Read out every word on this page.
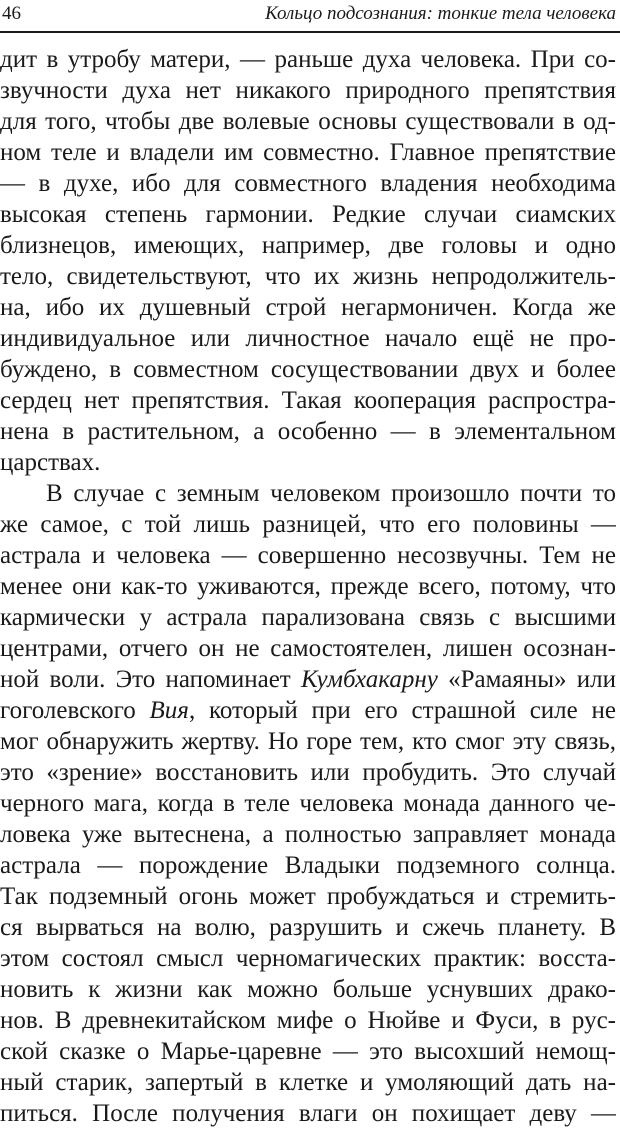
46	Кольцо подсознания: тонкие тела человека
дит в утробу матери, — раньше духа человека. При со-
звучности духа нет никакого природного препятствия
для того, чтобы две волевые основы существовали в од-
ном теле и владели им совместно. Главное препятствие
— в духе, ибо для совместного владения необходима
высокая степень гармонии. Редкие случаи сиамских
близнецов, имеющих, например, две головы и одно
тело, свидетельствуют, что их жизнь непродолжитель-
на, ибо их душевный строй негармоничен. Когда же
индивидуальное или личностное начало ещё не про-
буждено, в совместном сосуществовании двух и более
сердец нет препятствия. Такая кооперация распростра-
нена в растительном, а особенно — в элементальном
царствах.
В случае с земным человеком произошло почти то
же самое, с той лишь разницей, что его половины —
астрала и человека — совершенно несозвучны. Тем не
менее они как-то уживаются, прежде всего, потому, что
кармически у астрала парализована связь с высшими
центрами, отчего он не самостоятелен, лишен осознан-
ной воли. Это напоминает Кумбхакарну «Рамаяны» или
гоголевского Вия, который при его страшной силе не
мог обнаружить жертву. Но горе тем, кто смог эту связь,
это «зрение» восстановить или пробудить. Это случай
черного мага, когда в теле человека монада данного че-
ловека уже вытеснена, а полностью заправляет монада
астрала — порождение Владыки подземного солнца.
Так подземный огонь может пробуждаться и стремить-
ся вырваться на волю, разрушить и сжечь планету. В
этом состоял смысл черномагических практик: восста-
новить к жизни как можно больше уснувших драко-
нов. В древнекитайском мифе о Нюйве и Фуси, в рус-
ской сказке о Марье-царевне — это высохший немощ-
ный старик, запертый в клетке и умоляющий дать на-
питься. После получения влаги он похищает деву —
